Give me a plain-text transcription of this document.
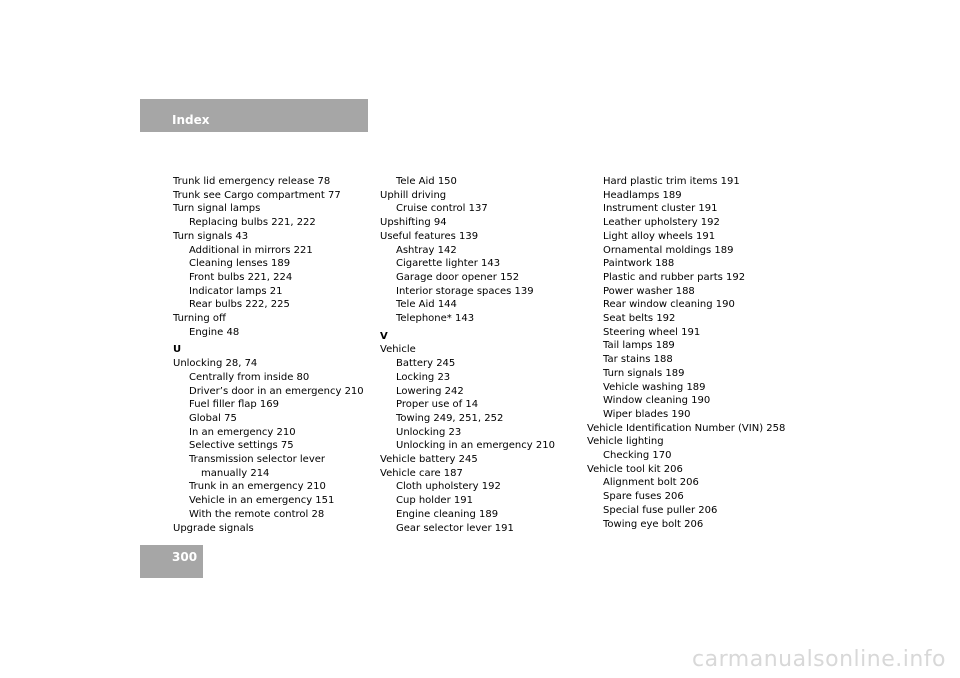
Index
Trunk lid emergency release 78
Trunk see Cargo compartment 77
Turn signal lamps
Replacing bulbs 221, 222
Turn signals 43
Additional in mirrors 221
Cleaning lenses 189
Front bulbs 221, 224
Indicator lamps 21
Rear bulbs 222, 225
Turning off
Engine 48
U
Unlocking 28, 74
Centrally from inside 80
Driver’s door in an emergency 210
Fuel filler flap 169
Global 75
In an emergency 210
Selective settings 75
Transmission selector lever
manually 214
Trunk in an emergency 210
Vehicle in an emergency 151
With the remote control 28
Upgrade signals
Tele Aid 150
Uphill driving
Cruise control 137
Upshifting 94
Useful features 139
Ashtray 142
Cigarette lighter 143
Garage door opener 152
Interior storage spaces 139
Tele Aid 144
Telephone* 143
V
Vehicle
Battery 245
Locking 23
Lowering 242
Proper use of 14
Towing 249, 251, 252
Unlocking 23
Unlocking in an emergency 210
Vehicle battery 245
Vehicle care 187
Cloth upholstery 192
Cup holder 191
Engine cleaning 189
Gear selector lever 191
Hard plastic trim items 191
Headlamps 189
Instrument cluster 191
Leather upholstery 192
Light alloy wheels 191
Ornamental moldings 189
Paintwork 188
Plastic and rubber parts 192
Power washer 188
Rear window cleaning 190
Seat belts 192
Steering wheel 191
Tail lamps 189
Tar stains 188
Turn signals 189
Vehicle washing 189
Window cleaning 190
Wiper blades 190
Vehicle Identification Number (VIN) 258
Vehicle lighting
Checking 170
Vehicle tool kit 206
Alignment bolt 206
Spare fuses 206
Special fuse puller 206
Towing eye bolt 206
300
carmanualsonline.info
